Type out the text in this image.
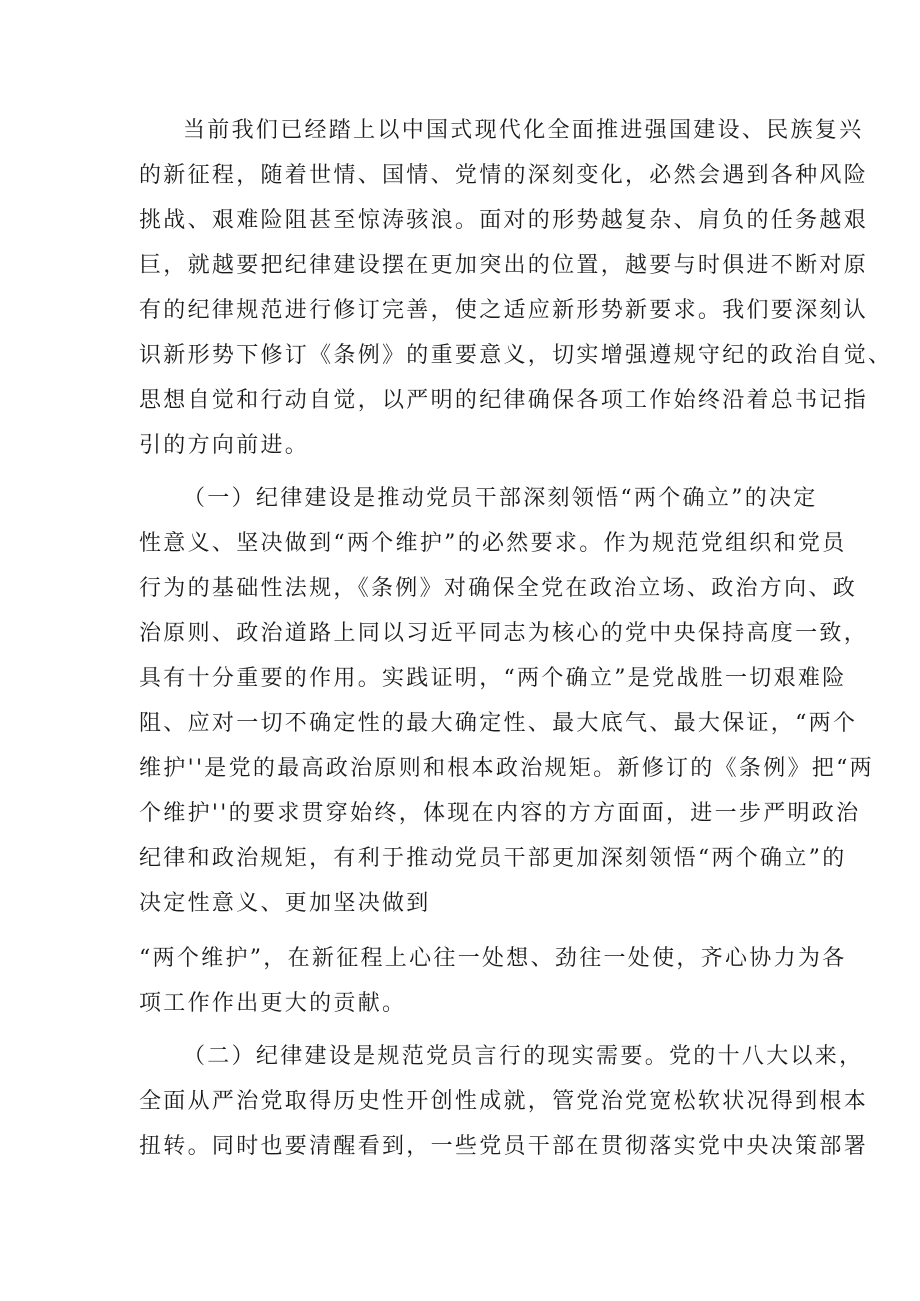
当前我们已经踏上以中国式现代化全面推进强国建设、民族复兴
的新征程，随着世情、国情、党情的深刻变化，必然会遇到各种风险
挑战、艰难险阻甚至惊涛骇浪。面对的形势越复杂、肩负的任务越艰
巨，就越要把纪律建设摆在更加突出的位置，越要与时俱进不断对原
有的纪律规范进行修订完善，使之适应新形势新要求。我们要深刻认
识新形势下修订《条例》的重要意义，切实增强遵规守纪的政治自觉、
思想自觉和行动自觉，以严明的纪律确保各项工作始终沿着总书记指
引的方向前进。
（一）纪律建设是推动党员干部深刻领悟“两个确立”的决定
性意义、坚决做到“两个维护”的必然要求。作为规范党组织和党员
行为的基础性法规，《条例》对确保全党在政治立场、政治方向、政
治原则、政治道路上同以习近平同志为核心的党中央保持高度一致，
具有十分重要的作用。实践证明，“两个确立”是党战胜一切艰难险
阻、应对一切不确定性的最大确定性、最大底气、最大保证，“两个
维护''是党的最高政治原则和根本政治规矩。新修订的《条例》把“两
个维护''的要求贯穿始终，体现在内容的方方面面，进一步严明政治
纪律和政治规矩，有利于推动党员干部更加深刻领悟“两个确立”的
决定性意义、更加坚决做到
“两个维护”，在新征程上心往一处想、劲往一处使，齐心协力为各
项工作作出更大的贡献。
（二）纪律建设是规范党员言行的现实需要。党的十八大以来，
全面从严治党取得历史性开创性成就，管党治党宽松软状况得到根本
扭转。同时也要清醒看到，一些党员干部在贯彻落实党中央决策部署
